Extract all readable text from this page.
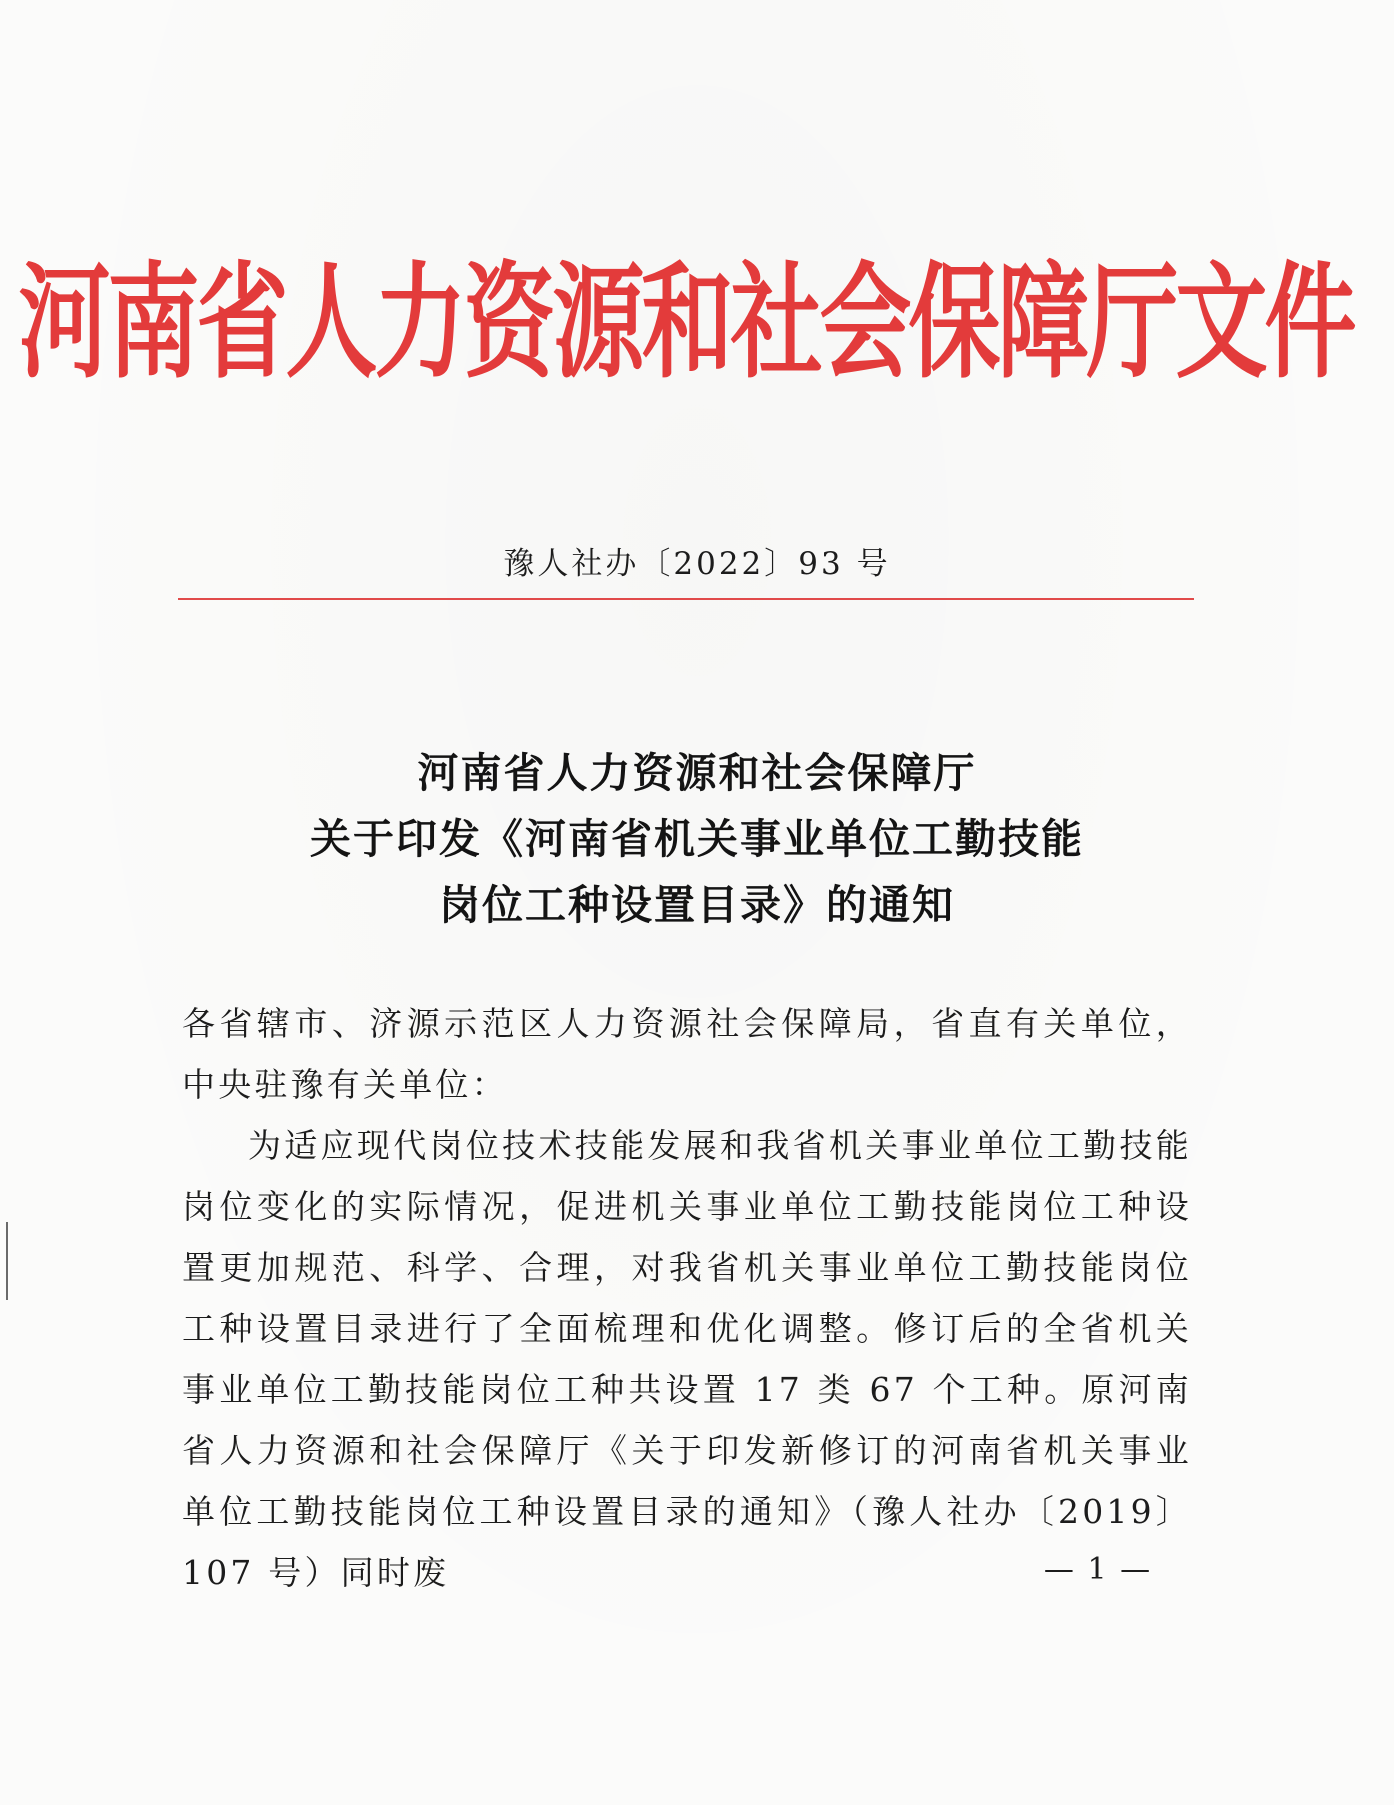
河南省人力资源和社会保障厅文件
豫人社办〔2022〕93 号
河南省人力资源和社会保障厅
关于印发《河南省机关事业单位工勤技能
岗位工种设置目录》的通知

各省辖市、济源示范区人力资源社会保障局，省直有关单位，中央驻豫有关单位：

为适应现代岗位技术技能发展和我省机关事业单位工勤技能岗位变化的实际情况，促进机关事业单位工勤技能岗位工种设置更加规范、科学、合理，对我省机关事业单位工勤技能岗位工种设置目录进行了全面梳理和优化调整。修订后的全省机关事业单位工勤技能岗位工种共设置 17 类 67 个工种。原河南省人力资源和社会保障厅《关于印发新修订的河南省机关事业单位工勤技能岗位工种设置目录的通知》（豫人社办〔2019〕107 号）同时废	— 1 —
